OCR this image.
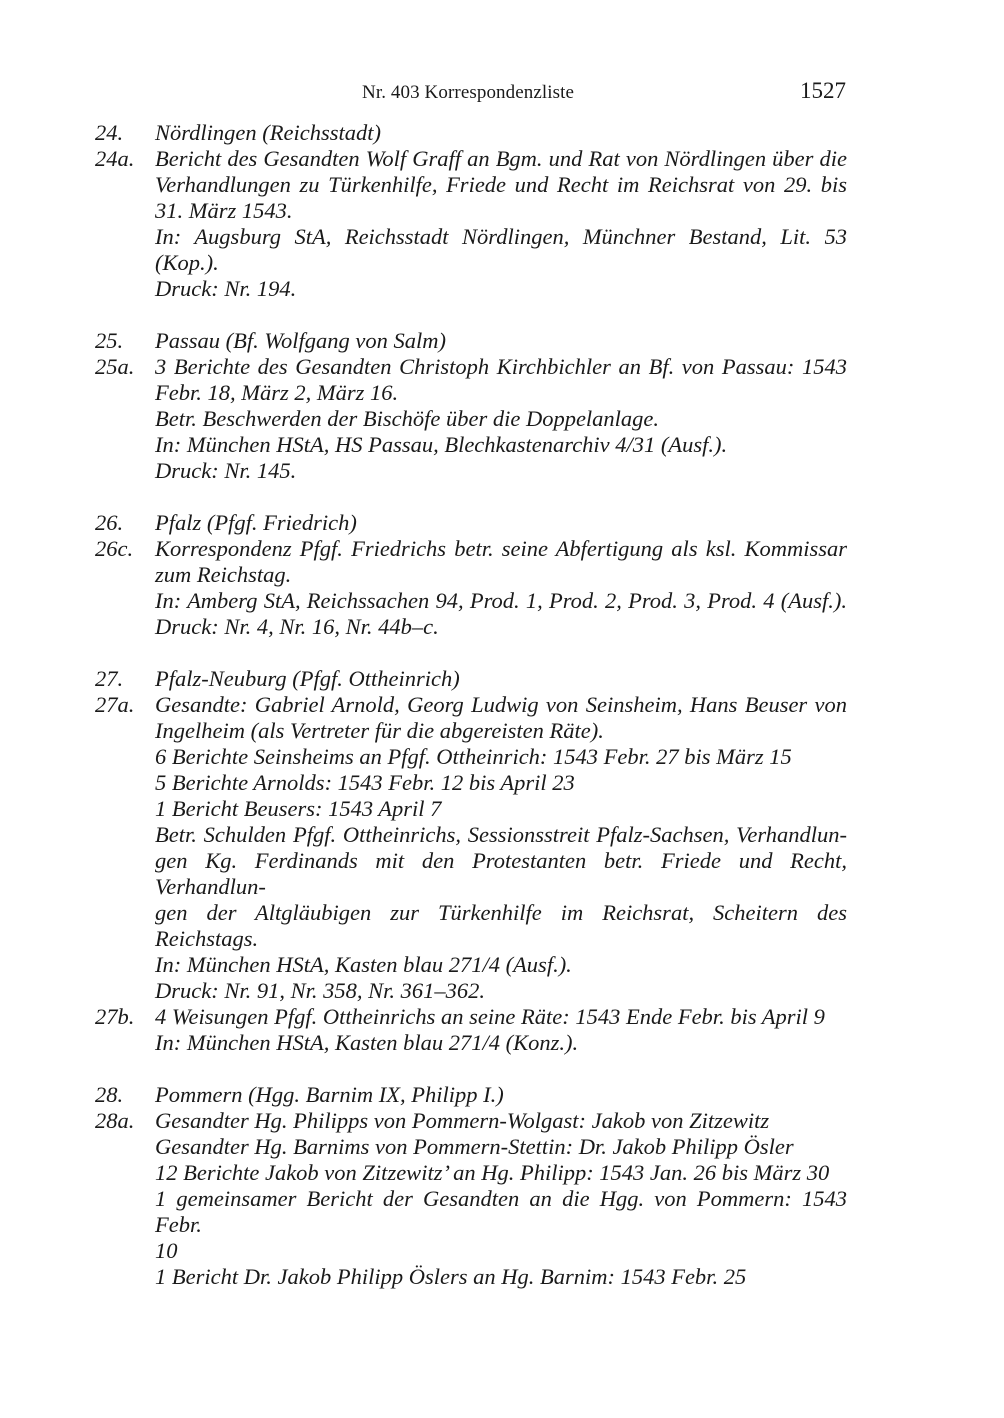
Nr. 403 Korrespondenzliste	1527
24.	Nördlingen (Reichsstadt)
24a. Bericht des Gesandten Wolf Graff an Bgm. und Rat von Nördlingen über die
Verhandlungen zu Türkenhilfe, Friede und Recht im Reichsrat von 29. bis
31. März 1543.
In: Augsburg StA, Reichsstadt Nördlingen, Münchner Bestand, Lit. 53
(Kop.).
Druck: Nr. 194.
25.	Passau (Bf. Wolfgang von Salm)
25a. 3 Berichte des Gesandten Christoph Kirchbichler an Bf. von Passau: 1543
Febr. 18, März 2, März 16.
Betr. Beschwerden der Bischöfe über die Doppelanlage.
In: München HStA, HS Passau, Blechkastenarchiv 4/31 (Ausf.).
Druck: Nr. 145.
26.	Pfalz (Pfgf. Friedrich)
26c. Korrespondenz Pfgf. Friedrichs betr. seine Abfertigung als ksl. Kommissar
zum Reichstag.
In: Amberg StA, Reichssachen 94, Prod. 1, Prod. 2, Prod. 3, Prod. 4 (Ausf.).
Druck: Nr. 4, Nr. 16, Nr. 44b–c.
27.	Pfalz-Neuburg (Pfgf. Ottheinrich)
27a. Gesandte: Gabriel Arnold, Georg Ludwig von Seinsheim, Hans Beuser von
Ingelheim (als Vertreter für die abgereisten Räte).
6 Berichte Seinsheims an Pfgf. Ottheinrich: 1543 Febr. 27 bis März 15
5 Berichte Arnolds: 1543 Febr. 12 bis April 23
1 Bericht Beusers: 1543 April 7
Betr. Schulden Pfgf. Ottheinrichs, Sessionsstreit Pfalz-Sachsen, Verhandlun-
gen Kg. Ferdinands mit den Protestanten betr. Friede und Recht, Verhandlun-
gen der Altgläubigen zur Türkenhilfe im Reichsrat, Scheitern des Reichstags.
In: München HStA, Kasten blau 271/4 (Ausf.).
Druck: Nr. 91, Nr. 358, Nr. 361–362.
27b. 4 Weisungen Pfgf. Ottheinrichs an seine Räte: 1543 Ende Febr. bis April 9
In: München HStA, Kasten blau 271/4 (Konz.).
28.	Pommern (Hgg. Barnim IX, Philipp I.)
28a. Gesandter Hg. Philipps von Pommern-Wolgast: Jakob von Zitzewitz
Gesandter Hg. Barnims von Pommern-Stettin: Dr. Jakob Philipp Ösler
12 Berichte Jakob von Zitzewitz’ an Hg. Philipp: 1543 Jan. 26 bis März 30
1 gemeinsamer Bericht der Gesandten an die Hgg. von Pommern: 1543 Febr.
10
1 Bericht Dr. Jakob Philipp Öslers an Hg. Barnim: 1543 Febr. 25
